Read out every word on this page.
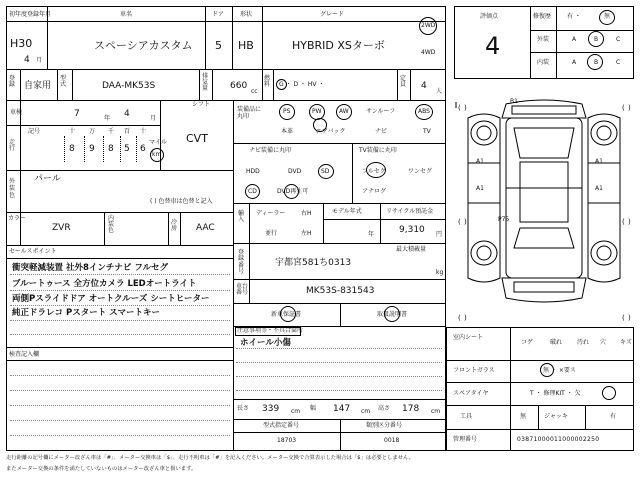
初年度登録年月	車名	ドア	形状	グレード
H30
4 月
スペーシアカスタム 5 HB	HYBRID XSターボ
2WD
4WD
登録 自家用
型式	DAA-MK53S
排気量 660
cc
燃料	G ・ D ・ HV ・
定員 4
人
車検	7	年 4	月
シフト
CVT
走行
記号	十 万 千 百 十
8 9 8 5 6
マイル
km
外装色
パール
( ) 色替車は色替と記入
カラー
ZVR
内装色
冷房 AAC
セールスポイント
衝突軽減装置 社外8インチナビ フルセグ
ブルートゥース 全方位カメラ LEDオートライト
両側Pスライドドア オートクルーズ シートヒーター
純正ドラレコ Pスタート スマートキー
検査記入欄
装備品に丸印
PS	PW	AW	サンルーフ	ABS
本革	エアバック	ナビ	TV
ナビ装備に丸印
HDD	DVD	SD
CD	DVD再生可
TV装備に丸印
フルセグ	ワンセグ
アナログ
輸入
ディーラー	右H
並行	左H
モデル年式
年
リサイクル預託金
9,310 円
登録番号
最大積載量
宇都宮581ち0313
kg
車台番号	MK53S-831543
新車保証書	取扱説明書
注意事項等・不具合箇所
ホイール小傷
長さ 339 cm 幅 147 cm 高さ 178 cm
型式指定番号
18703
類別区分番号
0018
評価点
4
修復歴	有 ・	無
外装	A	B	C
内装	A	B	C
( )	( )
( )	( )
( )	( )
B1
A1
A1
A1
A1
P75
室内シート
コゲ	破れ 汚れ 穴 キズ
フロントガラス	無 ・ ×要ス
スペアタイヤ	T ・ 修理KIT ・ 欠
工具	無	ジャッキ	有
管理番号	03871000011000002250
走行距離の記号欄にメーター改ざん車は「#」、メーター交換車は「$」、走行不明車は「#」を記入ください。メーター交換で合算表示した場合は「$」は必要としません。
またメーター交換の条件を満たしていないものはメーター改ざん車と扱います。
